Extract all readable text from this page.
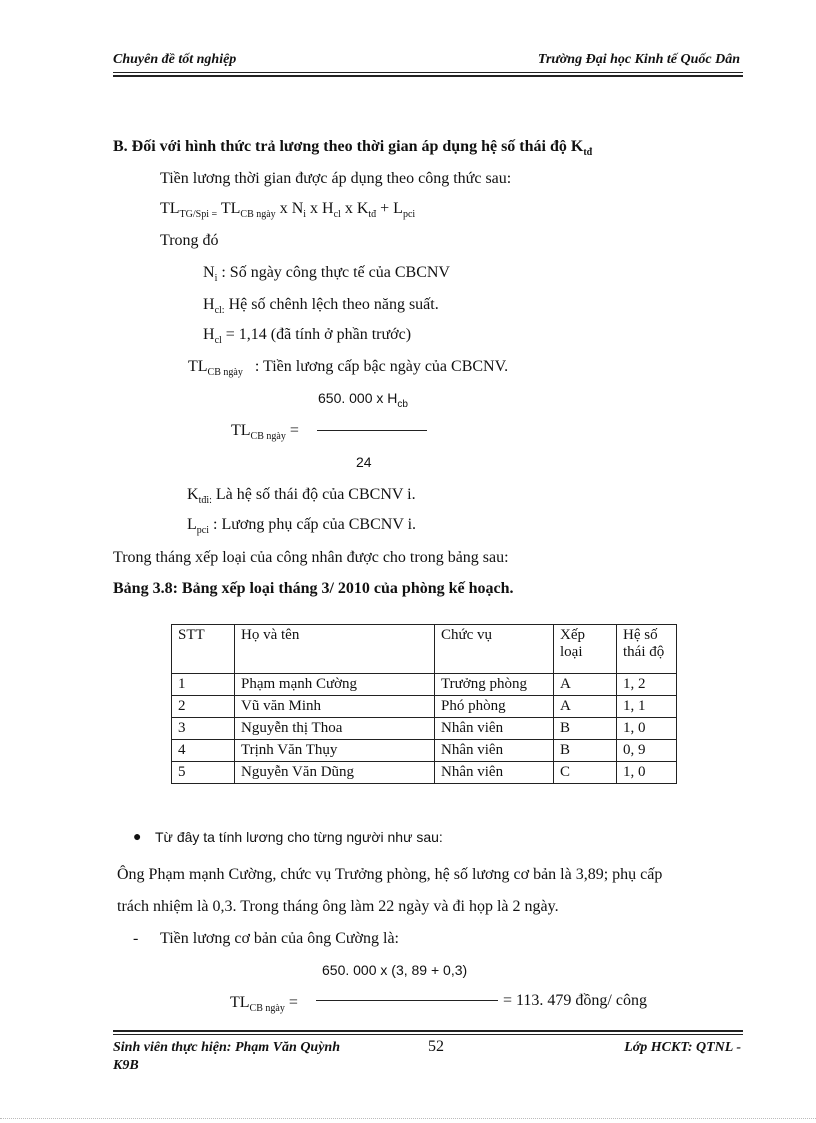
Chuyên đề tốt nghiệp	Trường Đại học Kinh tế Quốc Dân
B. Đối với hình thức trả lương theo thời gian áp dụng hệ số thái độ $K_{tđ}$
Tiền lương thời gian được áp dụng theo công thức sau:
$TL_{TG/Spi =}$ $TL_{CB ngày}$ x $N_i$ x $H_{cl}$ x $K_{tđ} + L_{pci}$
Trong đó
$N_i$ : Số ngày công thực tế của CBCNV
$H_{cl:}$ Hệ số chênh lệch theo năng suất.
$H_{cl} = 1,14$ (đã tính ở phần trước)
$TL_{CB ngày}$ : Tiền lương cấp bậc ngày của CBCNV.
650. 000 x $H_{cb}$
$TL_{CB ngày}$ =
24
$K_{tđi:}$ Là hệ số thái độ của CBCNV i.
$L_{pci}$ : Lương phụ cấp của CBCNV i.
Trong tháng xếp loại của công nhân được cho trong bảng sau:
Bảng 3.8: Bảng xếp loại tháng 3/ 2010 của phòng kế hoạch.
STT	Họ và tên	Chức vụ	Xếp loại	Hệ số thái độ
1	Phạm mạnh Cường	Trưởng phòng	A	1, 2
2	Vũ văn Minh	Phó phòng	A	1, 1
3	Nguyễn thị Thoa	Nhân viên	B	1, 0
4	Trịnh Văn Thụy	Nhân viên	B	0, 9
5	Nguyễn Văn Dũng	Nhân viên	C	1, 0
● Từ đây ta tính lương cho từng người như sau:
Ông Phạm mạnh Cường, chức vụ Trưởng phòng, hệ số lương cơ bản là 3,89; phụ cấp
trách nhiệm là 0,3. Trong tháng ông làm 22 ngày và đi họp là 2 ngày.
- Tiền lương cơ bản của ông Cường là:
650. 000 x (3, 89 + 0,3)
$TL_{CB ngày}$ =	= 113. 479 đồng/ công
Sinh viên thực hiện: Phạm Văn Quỳnh	52	Lớp HCKT: QTNL -
K9B
